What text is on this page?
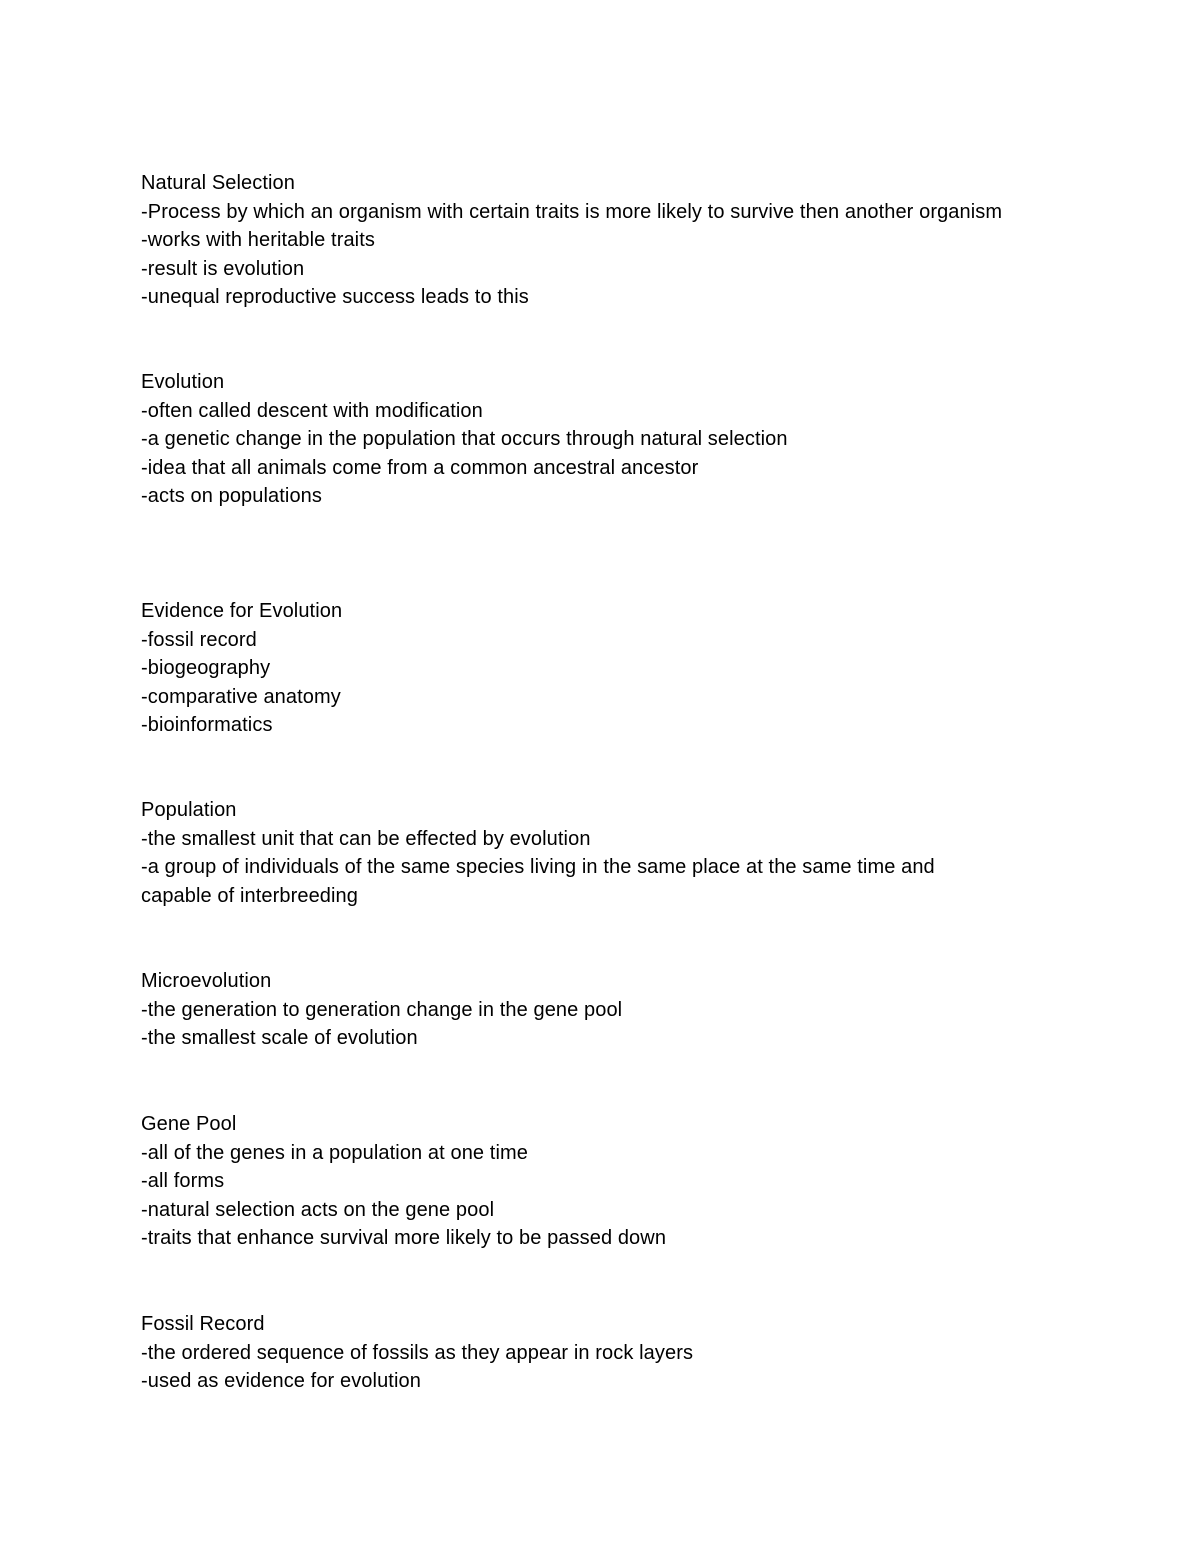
Natural Selection
-Process by which an organism with certain traits is more likely to survive then another organism
-works with heritable traits
-result is evolution
-unequal reproductive success leads to this
Evolution
-often called descent with modification
-a genetic change in the population that occurs through natural selection
-idea that all animals come from a common ancestral ancestor
-acts on populations
Evidence for Evolution
-fossil record
-biogeography
-comparative anatomy
-bioinformatics
Population
-the smallest unit that can be effected by evolution
-a group of individuals of the same species living in the same place at the same time and
capable of interbreeding
Microevolution
-the generation to generation change in the gene pool
-the smallest scale of evolution
Gene Pool
-all of the genes in a population at one time
-all forms
-natural selection acts on the gene pool
-traits that enhance survival more likely to be passed down
Fossil Record
-the ordered sequence of fossils as they appear in rock layers
-used as evidence for evolution
